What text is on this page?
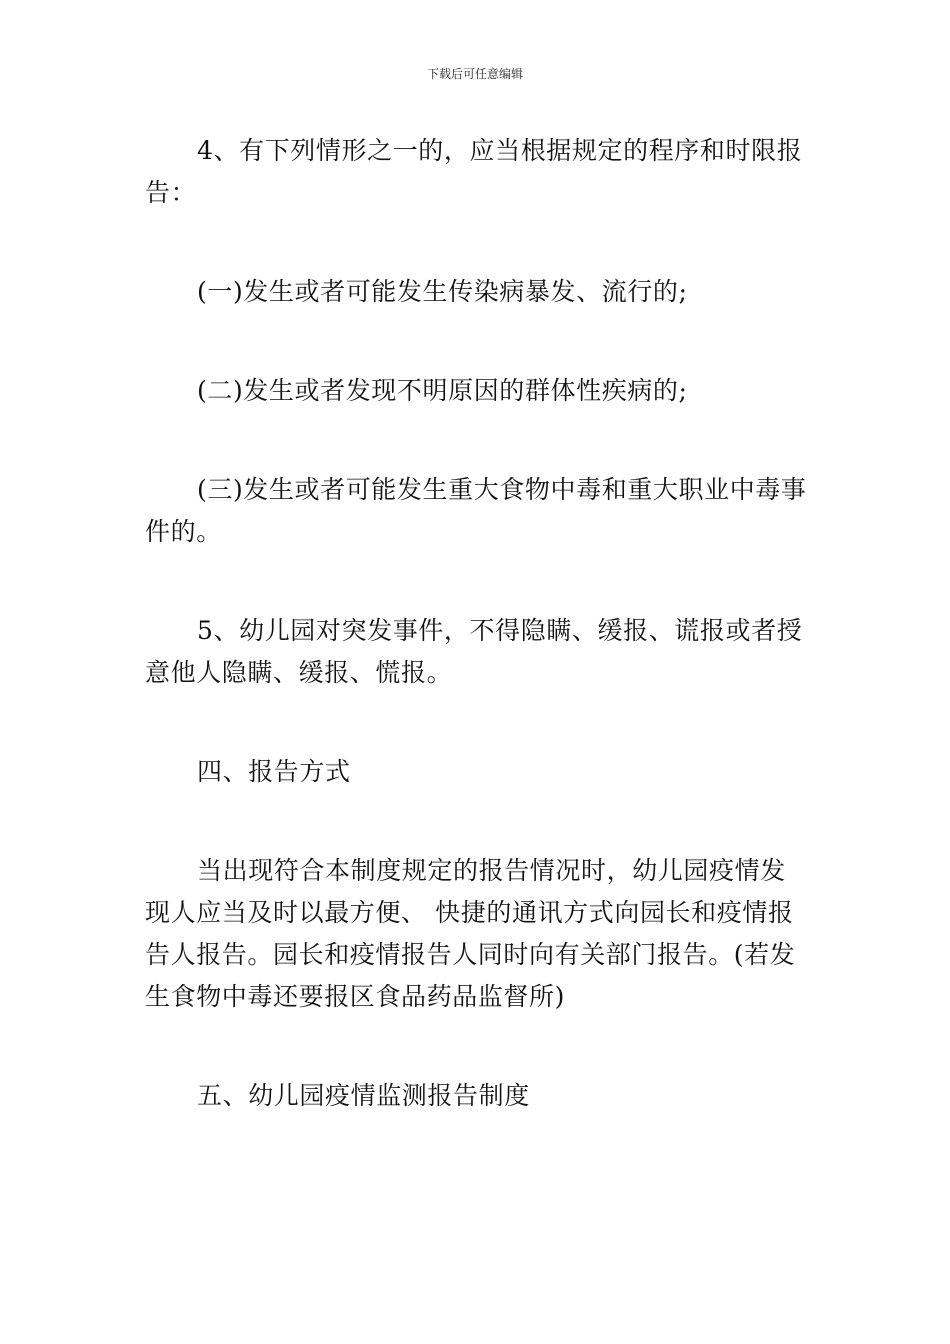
下载后可任意编辑

4、有下列情形之一的，应当根据规定的程序和时限报告：

(一)发生或者可能发生传染病暴发、流行的;

(二)发生或者发现不明原因的群体性疾病的;

(三)发生或者可能发生重大食物中毒和重大职业中毒事件的。

5、幼儿园对突发事件，不得隐瞒、缓报、谎报或者授意他人隐瞒、缓报、慌报。

四、报告方式

当出现符合本制度规定的报告情况时，幼儿园疫情发现人应当及时以最方便、 快捷的通讯方式向园长和疫情报告人报告。园长和疫情报告人同时向有关部门报告。(若发生食物中毒还要报区食品药品监督所)

五、幼儿园疫情监测报告制度
